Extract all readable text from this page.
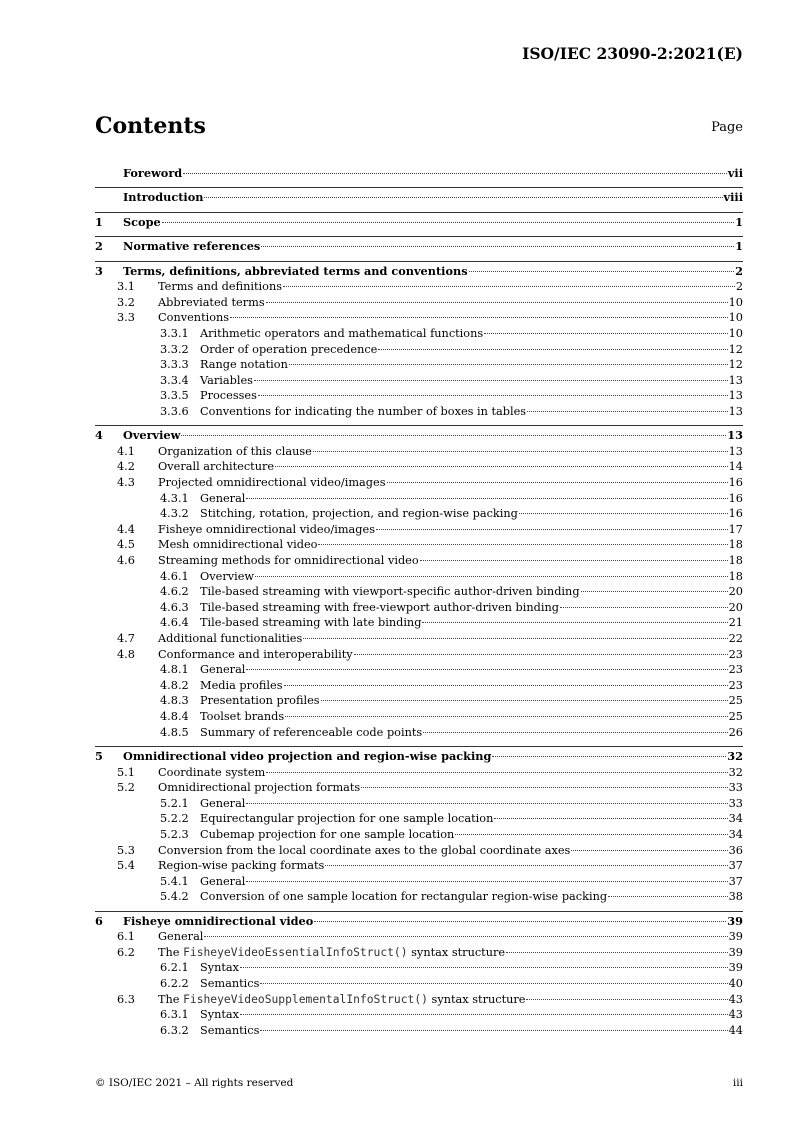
ISO/IEC 23090-2:2021(E)
Contents	Page
Foreword	vii
Introduction	viii
1	Scope	1
2	Normative references	1
3	Terms, definitions, abbreviated terms and conventions	2
3.1	Terms and definitions	2
3.2	Abbreviated terms	10
3.3	Conventions	10
3.3.1 Arithmetic operators and mathematical functions	10
3.3.2 Order of operation precedence	12
3.3.3 Range notation	12
3.3.4 Variables	13
3.3.5 Processes	13
3.3.6 Conventions for indicating the number of boxes in tables	13
4	Overview	13
4.1	Organization of this clause	13
4.2	Overall architecture	14
4.3	Projected omnidirectional video/images	16
4.3.1 General	16
4.3.2 Stitching, rotation, projection, and region-wise packing	16
4.4	Fisheye omnidirectional video/images	17
4.5	Mesh omnidirectional video	18
4.6	Streaming methods for omnidirectional video	18
4.6.1 Overview	18
4.6.2 Tile-based streaming with viewport-specific author-driven binding	20
4.6.3 Tile-based streaming with free-viewport author-driven binding	20
4.6.4 Tile-based streaming with late binding	21
4.7	Additional functionalities	22
4.8	Conformance and interoperability	23
4.8.1 General	23
4.8.2 Media profiles	23
4.8.3 Presentation profiles	25
4.8.4 Toolset brands	25
4.8.5 Summary of referenceable code points	26
5	Omnidirectional video projection and region-wise packing	32
5.1	Coordinate system	32
5.2	Omnidirectional projection formats	33
5.2.1 General	33
5.2.2 Equirectangular projection for one sample location	34
5.2.3 Cubemap projection for one sample location	34
5.3	Conversion from the local coordinate axes to the global coordinate axes	36
5.4	Region-wise packing formats	37
5.4.1 General	37
5.4.2 Conversion of one sample location for rectangular region-wise packing	38
6	Fisheye omnidirectional video	39
6.1	General	39
6.2	The FisheyeVideoEssentialInfoStruct() syntax structure	39
6.2.1 Syntax	39
6.2.2 Semantics	40
6.3	The FisheyeVideoSupplementalInfoStruct() syntax structure	43
6.3.1 Syntax	43
6.3.2 Semantics	44
© ISO/IEC 2021 – All rights reserved	iii
